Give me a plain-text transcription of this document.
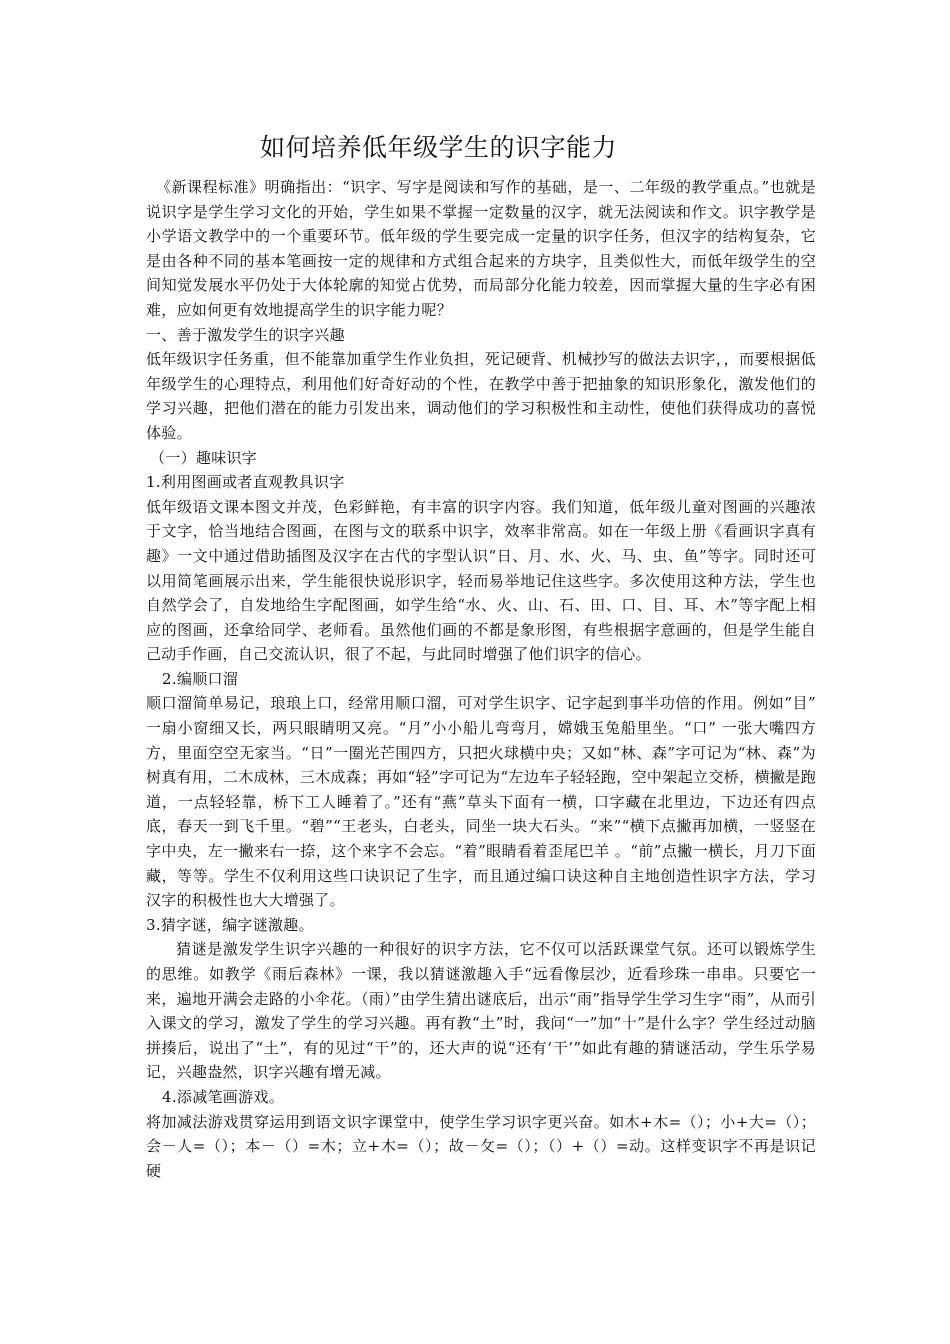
如何培养低年级学生的识字能力

《新课程标准》明确指出：“识字、写字是阅读和写作的基础，是一、二年级的教学重点。”也就是说识字是学生学习文化的开始，学生如果不掌握一定数量的汉字，就无法阅读和作文。识字教学是小学语文教学中的一个重要环节。低年级的学生要完成一定量的识字任务，但汉字的结构复杂，它是由各种不同的基本笔画按一定的规律和方式组合起来的方块字，且类似性大，而低年级学生的空间知觉发展水平仍处于大体轮廓的知觉占优势，而局部分化能力较差，因而掌握大量的生字必有困难，应如何更有效地提高学生的识字能力呢？

一、善于激发学生的识字兴趣

低年级识字任务重，但不能靠加重学生作业负担，死记硬背、机械抄写的做法去识字，，而要根据低年级学生的心理特点，利用他们好奇好动的个性，在教学中善于把抽象的知识形象化，激发他们的学习兴趣，把他们潜在的能力引发出来，调动他们的学习积极性和主动性，使他们获得成功的喜悦体验。

（一）趣味识字

1.利用图画或者直观教具识字

低年级语文课本图文并茂，色彩鲜艳，有丰富的识字内容。我们知道，低年级儿童对图画的兴趣浓于文字，恰当地结合图画，在图与文的联系中识字，效率非常高。如在一年级上册《看画识字真有趣》一文中通过借助插图及汉字在古代的字型认识“日、月、水、火、马、虫、鱼”等字。同时还可以用简笔画展示出来，学生能很快说形识字，轻而易举地记住这些字。多次使用这种方法，学生也自然学会了，自发地给生字配图画，如学生给“水、火、山、石、田、口、目、耳、木”等字配上相应的图画，还拿给同学、老师看。虽然他们画的不都是象形图，有些根据字意画的，但是学生能自己动手作画，自己交流认识，很了不起，与此同时增强了他们识字的信心。

2.编顺口溜

顺口溜简单易记，琅琅上口，经常用顺口溜，可对学生识字、记字起到事半功倍的作用。例如“目” 一扇小窗细又长，两只眼睛明又亮。“月”小小船儿弯弯月，嫦娥玉兔船里坐。“口” 一张大嘴四方方，里面空空无家当。“日”一圈光芒围四方，只把火球横中央；又如“林、森”字可记为“林、森”为树真有用，二木成林，三木成森；再如“轻”字可记为“左边车子轻轻跑，空中架起立交桥，横撇是跑道，一点轻轻靠，桥下工人睡着了。”还有“燕”草头下面有一横，口字藏在北里边，下边还有四点底，春天一到飞千里。“碧”“王老头，白老头，同坐一块大石头。“来”“横下点撇再加横，一竖竖在字中央，左一撇来右一捺，这个来字不会忘。“着”眼睛看着歪尾巴羊 。“前”点撇一横长，月刀下面藏，等等。学生不仅利用这些口诀识记了生字，而且通过编口诀这种自主地创造性识字方法，学习汉字的积极性也大大增强了。

3.猜字谜，编字谜激趣。

猜谜是激发学生识字兴趣的一种很好的识字方法，它不仅可以活跃课堂气氛。还可以锻炼学生的思维。如教学《雨后森林》一课，我以猜谜激趣入手“远看像层沙，近看珍珠一串串。只要它一来，遍地开满会走路的小伞花。（雨）”由学生猜出谜底后，出示“雨”指导学生学习生字“雨”，从而引入课文的学习，激发了学生的学习兴趣。再有教“土”时，我问“一”加“十”是什么字？学生经过动脑拼揍后，说出了“土”，有的见过“干”的，还大声的说“还有‘干’”如此有趣的猜谜活动，学生乐学易记，兴趣盎然，识字兴趣有增无减。

4.添减笔画游戏。

将加减法游戏贯穿运用到语文识字课堂中，使学生学习识字更兴奋。如木+木=（）；小+大=（）；会－人=（）；本－（）=木；立+木=（）；故－攵=（）；（）+（）=动。这样变识字不再是识记硬
